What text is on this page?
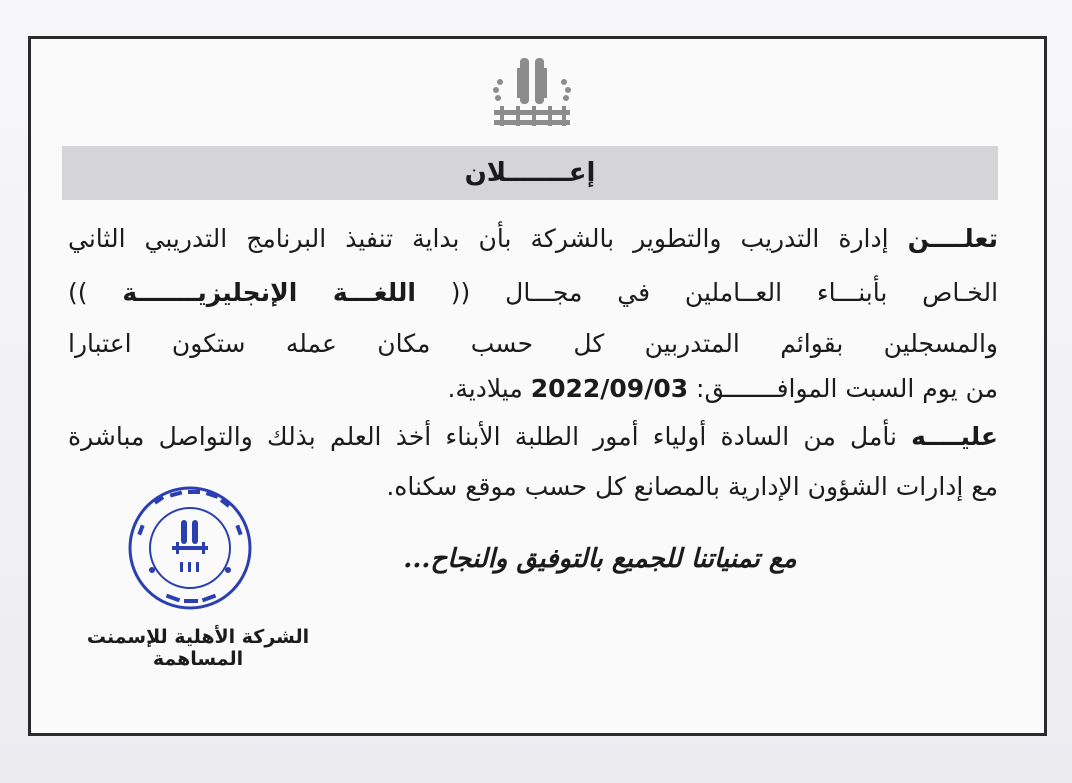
إعـــــــلان
تعلــــن إدارة التدريب والتطوير بالشركة بأن بداية تنفيذ البرنامج التدريبي الثاني
الخـاص بأبنـــاء العــاملين في مجـــال (( اللغـــة الإنجليزيـــــــة ))
والمسجلين بقوائم المتدربين كل حسب مكان عمله ستكون اعتبارا
من يوم السبت الموافـــــــق: 2022/09/03 ميلادية.
عليــــه نأمل من السادة أولياء أمور الطلبة الأبناء أخذ العلم بذلك والتواصل مباشرة
مع إدارات الشؤون الإدارية بالمصانع كل حسب موقع سكناه.
مع تمنياتنا للجميع بالتوفيق والنجاح...
الشركة الأهلية للإسمنت المساهمة
